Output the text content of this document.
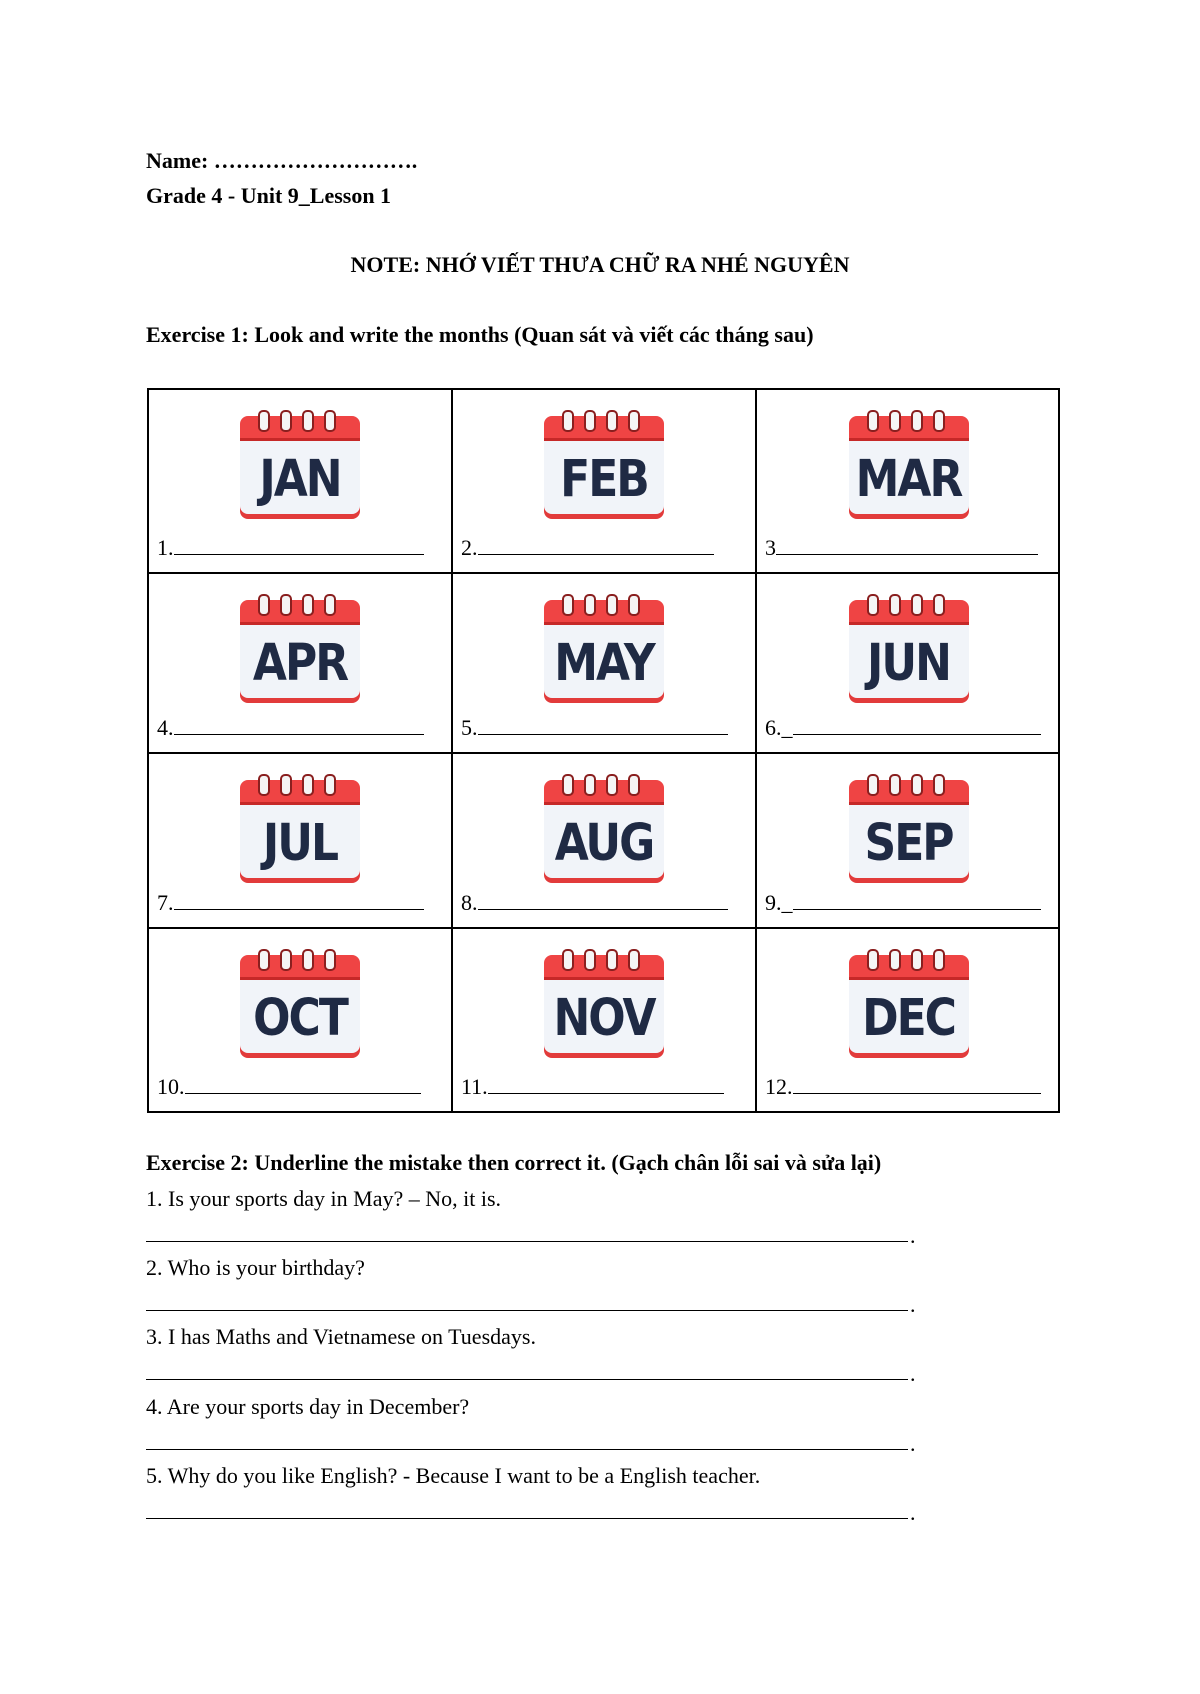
Name: ……………………….
Grade 4 - Unit 9_Lesson 1
NOTE: NHỚ VIẾT THƯA CHỮ RA NHÉ NGUYÊN
Exercise 1: Look and write the months (Quan sát và viết các tháng sau)
JAN
1.
FEB
2.
MAR
3
APR
4.
MAY
5.
JUN
6._
JUL
7.
AUG
8.
SEP
9._
OCT
10.
NOV
11.
DEC
12.
Exercise 2: Underline the mistake then correct it. (Gạch chân lỗi sai và sửa lại)
1. Is your sports day in May? – No, it is.
.
2. Who is your birthday?
.
3. I has Maths and Vietnamese on Tuesdays.
.
4. Are your sports day in December?
.
5. Why do you like English? - Because I want to be a English teacher.
.
